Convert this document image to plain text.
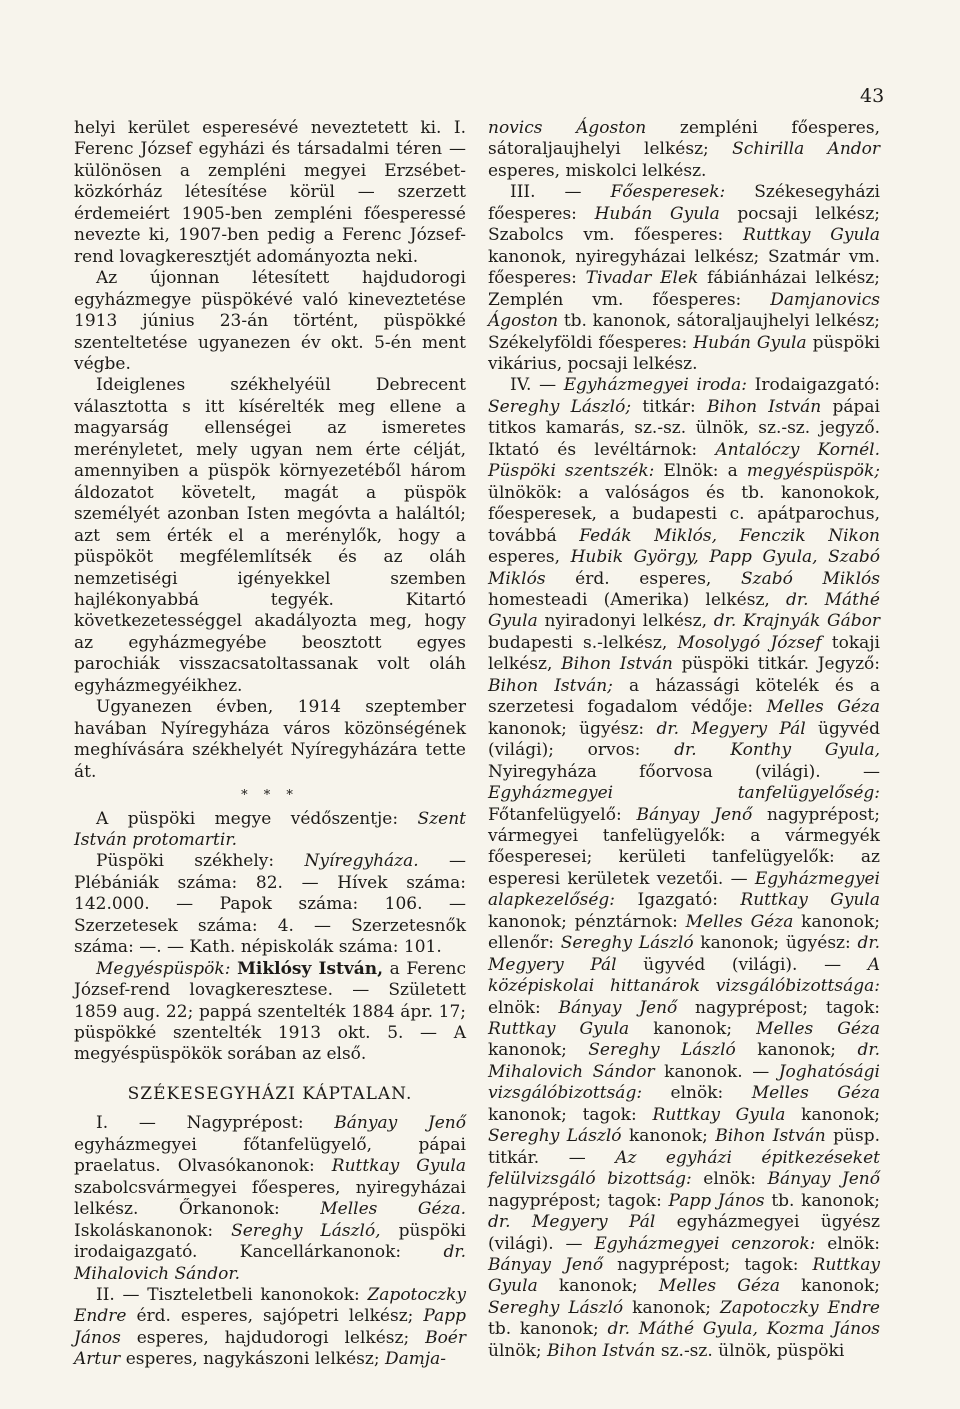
43

helyi kerület esperesévé neveztetett ki. I. Ferenc József egyházi és társadalmi téren — különösen a zempléni megyei Erzsébet-közkórház létesítése körül — szerzett érdemeiért 1905-ben zempléni főesperessé nevezte ki, 1907-ben pedig a Ferenc József-rend lovagkeresztjét adományozta neki.

Az újonnan létesített hajdudorogi egyházmegye püspökévé való kineveztetése 1913 június 23-án történt, püspökké szenteltetése ugyanezen év okt. 5-én ment végbe.

Ideiglenes székhelyéül Debrecent választotta s itt kísérelték meg ellene a magyarság ellenségei az ismeretes merényletet, mely ugyan nem érte célját, amennyiben a püspök környezetéből három áldozatot követelt, magát a püspök személyét azonban Isten megóvta a haláltól; azt sem érték el a merénylők, hogy a püspököt megfélemlítsék és az oláh nemzetiségi igényekkel szemben hajlékonyabbá tegyék. Kitartó következetességgel akadályozta meg, hogy az egyházmegyébe beosztott egyes parochiák visszacsatoltassanak volt oláh egyházmegyéikhez.

Ugyanezen évben, 1914 szeptember havában Nyíregyháza város közönségének meghívására székhelyét Nyíregyházára tette át.

* * *

A püspöki megye védőszentje: Szent István protomartir.

Püspöki székhely: Nyíregyháza. — Plébániák száma: 82. — Hívek száma: 142.000. — Papok száma: 106. — Szerzetesek száma: 4. — Szerzetesnők száma: —. — Kath. népiskolák száma: 101.

Megyéspüspök: Miklósy István, a Ferenc József-rend lovagkeresztese. — Született 1859 aug. 22; pappá szentelték 1884 ápr. 17; püspökké szentelték 1913 okt. 5. — A megyéspüspökök sorában az első.

SZÉKESEGYHÁZI KÁPTALAN.

I. — Nagyprépost: Bányay Jenő egyházmegyei főtanfelügyelő, pápai praelatus. Olvasókanonok: Ruttkay Gyula szabolcsvármegyei főesperes, nyiregyházai lelkész. Őrkanonok: Melles Géza. Iskoláskanonok: Sereghy László, püspöki irodaigazgató. Kancellárkanonok: dr. Mihalovich Sándor.

II. — Tiszteletbeli kanonokok: Zapotoczky Endre érd. esperes, sajópetri lelkész; Papp János esperes, hajdudorogi lelkész; Boér Artur esperes, nagykászoni lelkész; Damja-

novics Ágoston zempléni főesperes, sátoraljaujhelyi lelkész; Schirilla Andor esperes, miskolci lelkész.

III. — Főesperesek: Székesegyházi főesperes: Hubán Gyula pocsaji lelkész; Szabolcs vm. főesperes: Ruttkay Gyula kanonok, nyiregyházai lelkész; Szatmár vm. főesperes: Tivadar Elek fábiánházai lelkész; Zemplén vm. főesperes: Damjanovics Ágoston tb. kanonok, sátoraljaujhelyi lelkész; Székelyföldi főesperes: Hubán Gyula püspöki vikárius, pocsaji lelkész.

IV. — Egyházmegyei iroda: Irodaigazgató: Sereghy László; titkár: Bihon István pápai titkos kamarás, sz.-sz. ülnök, sz.-sz. jegyző. Iktató és levéltárnok: Antalóczy Kornél. Püspöki szentszék: Elnök: a megyéspüspök; ülnökök: a valóságos és tb. kanonokok, főesperesek, a budapesti c. apátparochus, továbbá Fedák Miklós, Fenczik Nikon esperes, Hubik György, Papp Gyula, Szabó Miklós érd. esperes, Szabó Miklós homesteadi (Amerika) lelkész, dr. Máthé Gyula nyiradonyi lelkész, dr. Krajnyák Gábor budapesti s.-lelkész, Mosolygó József tokaji lelkész, Bihon István püspöki titkár. Jegyző: Bihon István; a házassági kötelék és a szerzetesi fogadalom védője: Melles Géza kanonok; ügyész: dr. Megyery Pál ügyvéd (világi); orvos: dr. Konthy Gyula, Nyiregyháza főorvosa (világi). — Egyházmegyei tanfelügyelőség: Főtanfelügyelő: Bányay Jenő nagyprépost; vármegyei tanfelügyelők: a vármegyék főesperesei; kerületi tanfelügyelők: az esperesi kerületek vezetői. — Egyházmegyei alapkezelőség: Igazgató: Ruttkay Gyula kanonok; pénztárnok: Melles Géza kanonok; ellenőr: Sereghy László kanonok; ügyész: dr. Megyery Pál ügyvéd (világi). — A középiskolai hittanárok vizsgálóbizottsága: elnök: Bányay Jenő nagyprépost; tagok: Ruttkay Gyula kanonok; Melles Géza kanonok; Sereghy László kanonok; dr. Mihalovich Sándor kanonok. — Joghatósági vizsgálóbizottság: elnök: Melles Géza kanonok; tagok: Ruttkay Gyula kanonok; Sereghy László kanonok; Bihon István püsp. titkár. — Az egyházi épitkezéseket felülvizsgáló bizottság: elnök: Bányay Jenő nagyprépost; tagok: Papp János tb. kanonok; dr. Megyery Pál egyházmegyei ügyész (világi). — Egyházmegyei cenzorok: elnök: Bányay Jenő nagyprépost; tagok: Ruttkay Gyula kanonok; Melles Géza kanonok; Sereghy László kanonok; Zapotoczky Endre tb. kanonok; dr. Máthé Gyula, Kozma János ülnök; Bihon István sz.-sz. ülnök, püspöki
